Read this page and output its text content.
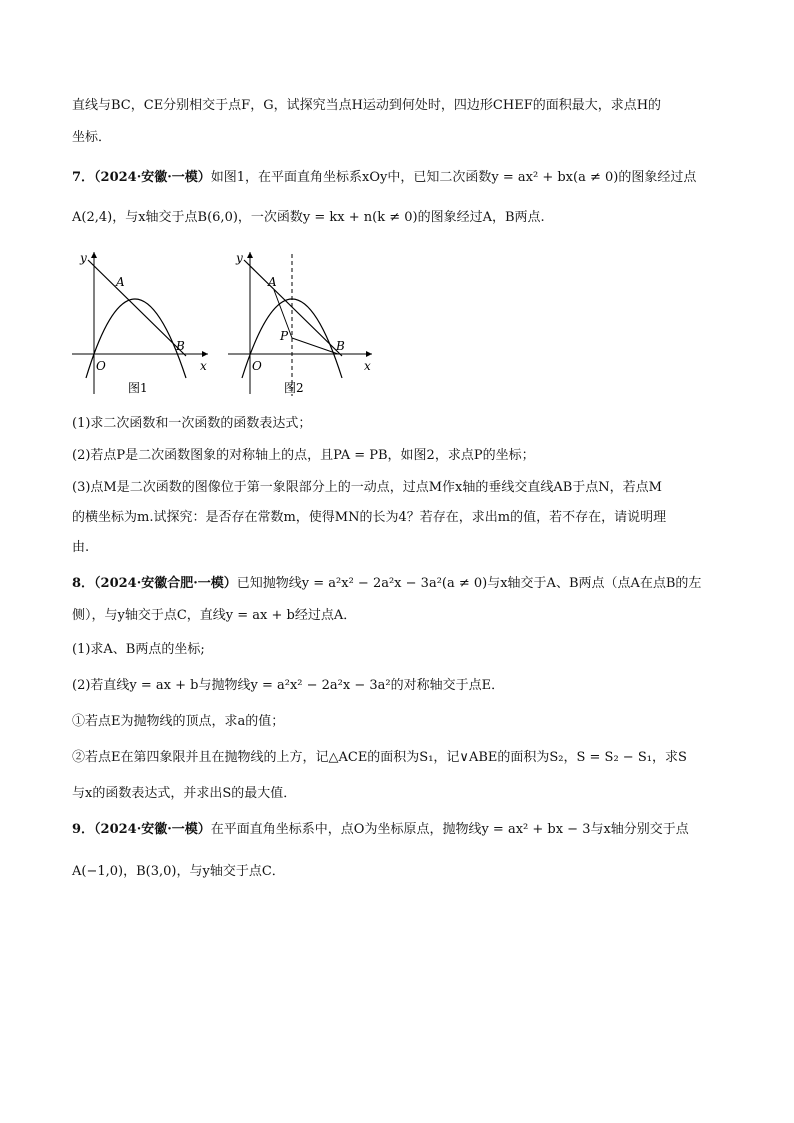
直线与BC，CE分别相交于点F，G，试探究当点H运动到何处时，四边形CHEF的面积最大，求点H的
坐标．
7．（2024·安徽·一模）如图1，在平面直角坐标系xOy中，已知二次函数y = ax² + bx(a ≠ 0)的图象经过点
A(2,4)，与x轴交于点B(6,0)，一次函数y = kx + n(k ≠ 0)的图象经过A，B两点.
y
x
O
A
B
图1
y
x
O
A
B
P
图2
(1)求二次函数和一次函数的函数表达式；
(2)若点P是二次函数图象的对称轴上的点，且PA = PB，如图2，求点P的坐标；
(3)点M是二次函数的图像位于第一象限部分上的一动点，过点M作x轴的垂线交直线AB于点N，若点M
的横坐标为m.试探究：是否存在常数m，使得MN的长为4？若存在，求出m的值，若不存在，请说明理
由.
8．（2024·安徽合肥·一模）已知抛物线y = a²x² − 2a²x − 3a²(a ≠ 0)与x轴交于A、B两点（点A在点B的左
侧），与y轴交于点C，直线y = ax + b经过点A．
(1)求A、B两点的坐标;
(2)若直线y = ax + b与抛物线y = a²x² − 2a²x − 3a²的对称轴交于点E．
①若点E为抛物线的顶点，求a的值；
②若点E在第四象限并且在抛物线的上方，记△ACE的面积为S₁，记∨ABE的面积为S₂，S = S₂ − S₁，求S
与x的函数表达式，并求出S的最大值．
9．（2024·安徽·一模）在平面直角坐标系中，点O为坐标原点，抛物线y = ax² + bx − 3与x轴分别交于点
A(−1,0)，B(3,0)，与y轴交于点C．
